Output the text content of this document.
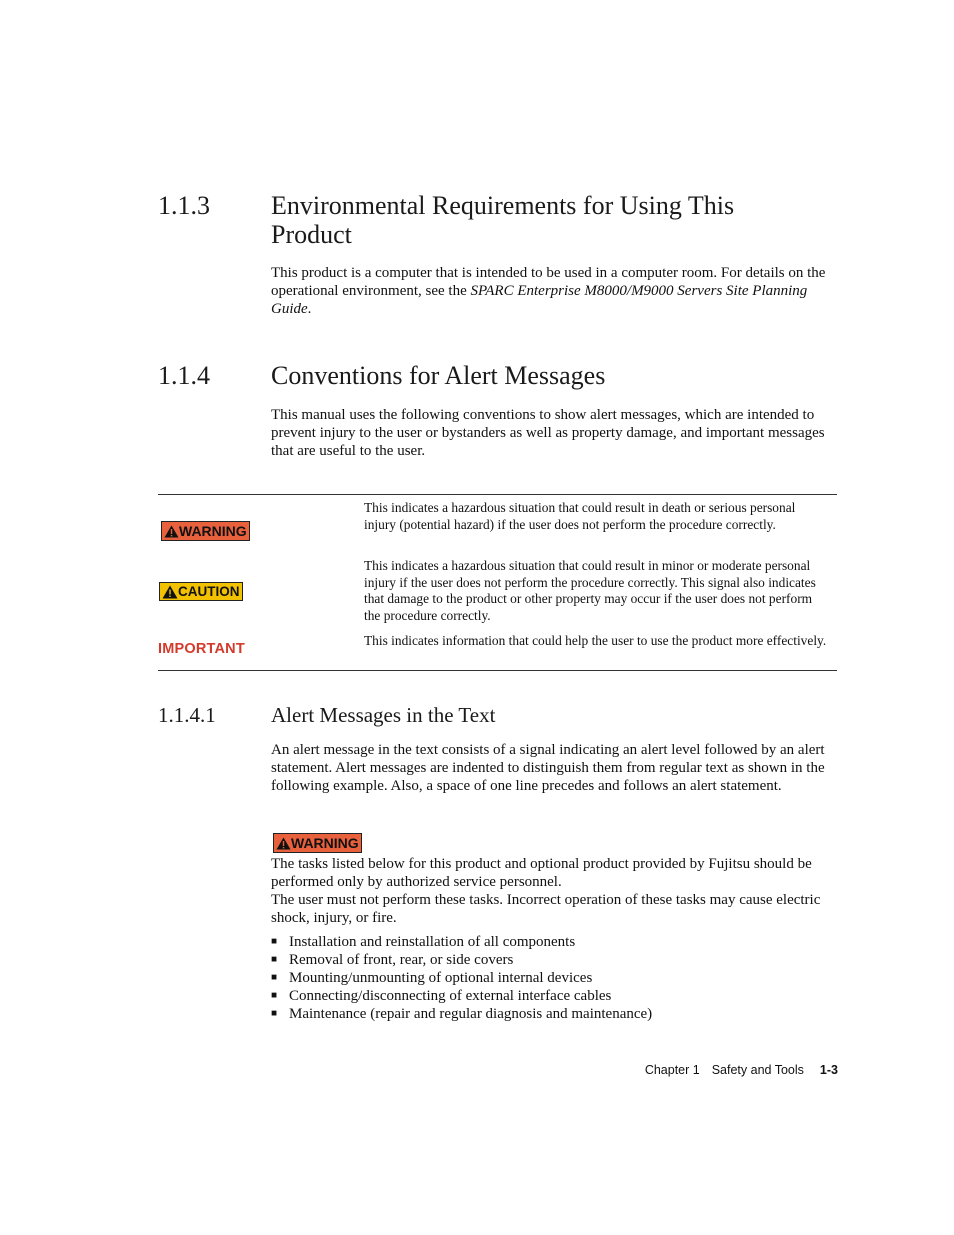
1.1.3 Environmental Requirements for Using This Product

This product is a computer that is intended to be used in a computer room. For details on the operational environment, see the SPARC Enterprise M8000/M9000 Servers Site Planning Guide.

1.1.4 Conventions for Alert Messages

This manual uses the following conventions to show alert messages, which are intended to prevent injury to the user or bystanders as well as property damage, and important messages that are useful to the user.

WARNING
This indicates a hazardous situation that could result in death or serious personal injury (potential hazard) if the user does not perform the procedure correctly.
CAUTION
This indicates a hazardous situation that could result in minor or moderate personal injury if the user does not perform the procedure correctly. This signal also indicates that damage to the product or other property may occur if the user does not perform the procedure correctly.
IMPORTANT
This indicates information that could help the user to use the product more effectively.
1.1.4.1	Alert Messages in the Text

An alert message in the text consists of a signal indicating an alert level followed by an alert statement. Alert messages are indented to distinguish them from regular text as shown in the following example. Also, a space of one line precedes and follows an alert statement.

WARNING

The tasks listed below for this product and optional product provided by Fujitsu should be performed only by authorized service personnel.
The user must not perform these tasks. Incorrect operation of these tasks may cause electric shock, injury, or fire.

■ Installation and reinstallation of all components
■ Removal of front, rear, or side covers
■ Mounting/unmounting of optional internal devices
■ Connecting/disconnecting of external interface cables
■ Maintenance (repair and regular diagnosis and maintenance)
Chapter 1 Safety and Tools 1-3
